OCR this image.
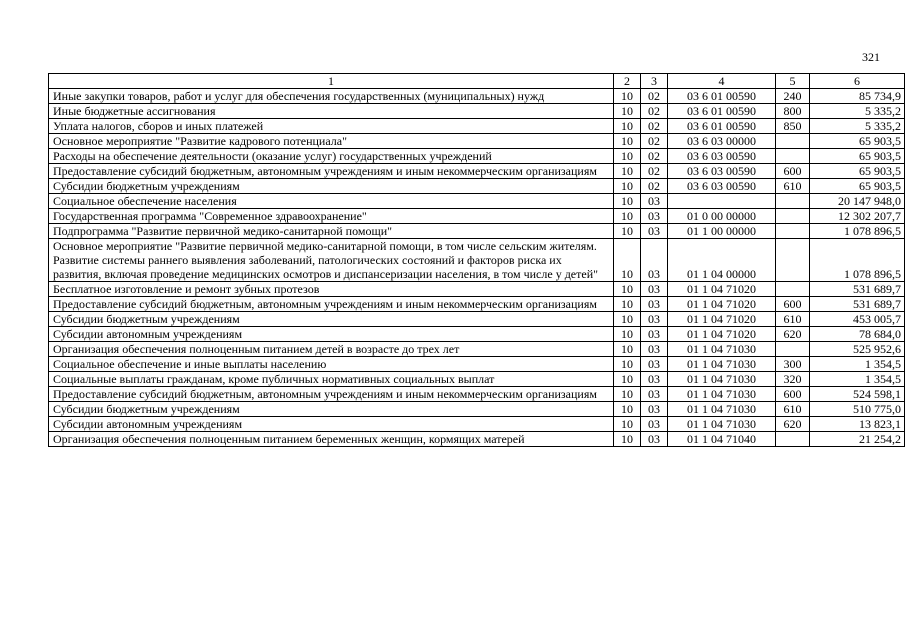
321
1	2	3	4	5	6
Иные закупки товаров, работ и услуг для обеспечения государственных (муниципальных) нужд	10	02	03 6 01 00590	240	85 734,9
Иные бюджетные ассигнования	10	02	03 6 01 00590	800	5 335,2
Уплата налогов, сборов и иных платежей	10	02	03 6 01 00590	850	5 335,2
Основное мероприятие "Развитие кадрового потенциала"	10	02	03 6 03 00000		65 903,5
Расходы на обеспечение деятельности (оказание услуг) государственных учреждений	10	02	03 6 03 00590		65 903,5
Предоставление субсидий бюджетным, автономным учреждениям и иным некоммерческим организациям	10	02	03 6 03 00590	600	65 903,5
Субсидии бюджетным учреждениям	10	02	03 6 03 00590	610	65 903,5
Социальное обеспечение населения	10	03			20 147 948,0
Государственная программа "Современное здравоохранение"	10	03	01 0 00 00000		12 302 207,7
Подпрограмма "Развитие первичной медико-санитарной помощи"	10	03	01 1 00 00000		1 078 896,5
Основное мероприятие "Развитие первичной медико-санитарной помощи, в том числе сельским жителям. Развитие системы раннего выявления заболеваний, патологических состояний и факторов риска их развития, включая проведение медицинских осмотров и диспансеризации населения, в том числе у детей"	10	03	01 1 04 00000		1 078 896,5
Бесплатное изготовление и ремонт зубных протезов	10	03	01 1 04 71020		531 689,7
Предоставление субсидий бюджетным, автономным учреждениям и иным некоммерческим организациям	10	03	01 1 04 71020	600	531 689,7
Субсидии бюджетным учреждениям	10	03	01 1 04 71020	610	453 005,7
Субсидии автономным учреждениям	10	03	01 1 04 71020	620	78 684,0
Организация обеспечения полноценным питанием детей в возрасте до трех лет	10	03	01 1 04 71030		525 952,6
Социальное обеспечение и иные выплаты населению	10	03	01 1 04 71030	300	1 354,5
Социальные выплаты гражданам, кроме публичных нормативных социальных выплат	10	03	01 1 04 71030	320	1 354,5
Предоставление субсидий бюджетным, автономным учреждениям и иным некоммерческим организациям	10	03	01 1 04 71030	600	524 598,1
Субсидии бюджетным учреждениям	10	03	01 1 04 71030	610	510 775,0
Субсидии автономным учреждениям	10	03	01 1 04 71030	620	13 823,1
Организация обеспечения полноценным питанием беременных женщин, кормящих матерей	10	03	01 1 04 71040		21 254,2
